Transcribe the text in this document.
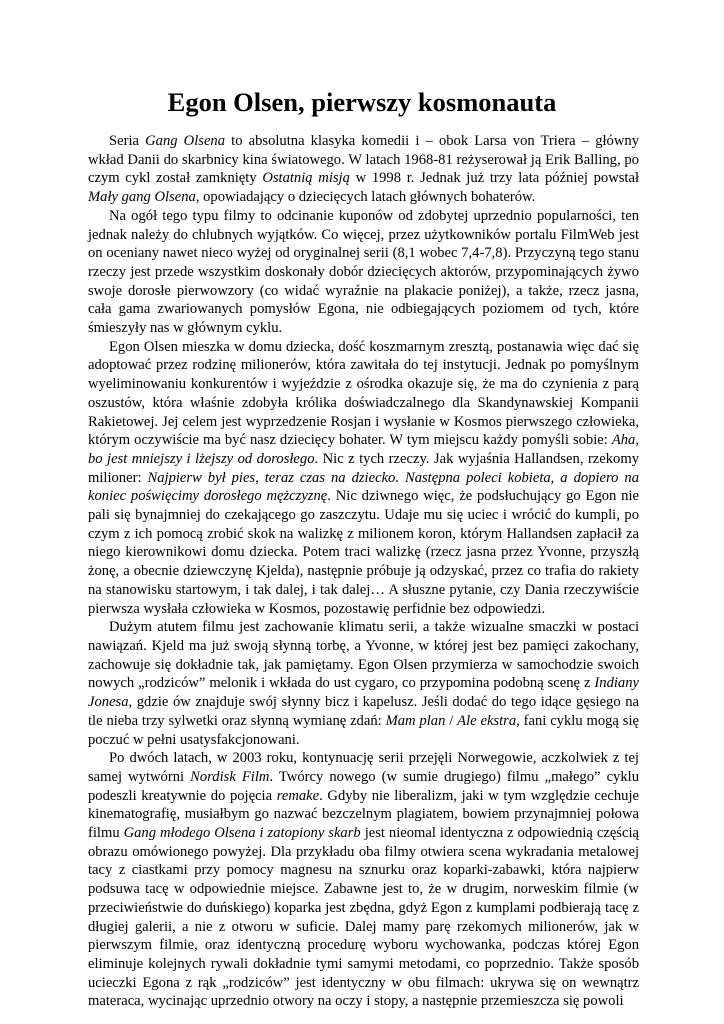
Egon Olsen, pierwszy kosmonauta

Seria Gang Olsena to absolutna klasyka komedii i – obok Larsa von Triera – główny wkład Danii do skarbnicy kina światowego. W latach 1968-81 reżyserował ją Erik Balling, po czym cykl został zamknięty Ostatnią misją w 1998 r. Jednak już trzy lata później powstał Mały gang Olsena, opowiadający o dziecięcych latach głównych bohaterów.

Na ogół tego typu filmy to odcinanie kuponów od zdobytej uprzednio popularności, ten jednak należy do chlubnych wyjątków. Co więcej, przez użytkowników portalu FilmWeb jest on oceniany nawet nieco wyżej od oryginalnej serii (8,1 wobec 7,4-7,8). Przyczyną tego stanu rzeczy jest przede wszystkim doskonały dobór dziecięcych aktorów, przypominających żywo swoje dorosłe pierwowzory (co widać wyraźnie na plakacie poniżej), a także, rzecz jasna, cała gama zwariowanych pomysłów Egona, nie odbiegających poziomem od tych, które śmieszyły nas w głównym cyklu.

Egon Olsen mieszka w domu dziecka, dość koszmarnym zresztą, postanawia więc dać się adoptować przez rodzinę milionerów, która zawitała do tej instytucji. Jednak po pomyślnym wyeliminowaniu konkurentów i wyjeździe z ośrodka okazuje się, że ma do czynienia z parą oszustów, która właśnie zdobyła królika doświadczalnego dla Skandynawskiej Kompanii Rakietowej. Jej celem jest wyprzedzenie Rosjan i wysłanie w Kosmos pierwszego człowieka, którym oczywiście ma być nasz dziecięcy bohater. W tym miejscu każdy pomyśli sobie: Aha, bo jest mniejszy i lżejszy od dorosłego. Nic z tych rzeczy. Jak wyjaśnia Hallandsen, rzekomy milioner: Najpierw był pies, teraz czas na dziecko. Następna poleci kobieta, a dopiero na koniec poświęcimy dorosłego mężczyznę. Nic dziwnego więc, że podsłuchujący go Egon nie pali się bynajmniej do czekającego go zaszczytu. Udaje mu się uciec i wrócić do kumpli, po czym z ich pomocą zrobić skok na walizkę z milionem koron, którym Hallandsen zapłacił za niego kierownikowi domu dziecka. Potem traci walizkę (rzecz jasna przez Yvonne, przyszłą żonę, a obecnie dziewczynę Kjelda), następnie próbuje ją odzyskać, przez co trafia do rakiety na stanowisku startowym, i tak dalej, i tak dalej… A słuszne pytanie, czy Dania rzeczywiście pierwsza wysłała człowieka w Kosmos, pozostawię perfidnie bez odpowiedzi.

Dużym atutem filmu jest zachowanie klimatu serii, a także wizualne smaczki w postaci nawiązań. Kjeld ma już swoją słynną torbę, a Yvonne, w której jest bez pamięci zakochany, zachowuje się dokładnie tak, jak pamiętamy. Egon Olsen przymierza w samochodzie swoich nowych „rodziców” melonik i wkłada do ust cygaro, co przypomina podobną scenę z Indiany Jonesa, gdzie ów znajduje swój słynny bicz i kapelusz. Jeśli dodać do tego idące gęsiego na tle nieba trzy sylwetki oraz słynną wymianę zdań: Mam plan / Ale ekstra, fani cyklu mogą się poczuć w pełni usatysfakcjonowani.

Po dwóch latach, w 2003 roku, kontynuację serii przejęli Norwegowie, aczkolwiek z tej samej wytwórni Nordisk Film. Twórcy nowego (w sumie drugiego) filmu „małego” cyklu podeszli kreatywnie do pojęcia remake. Gdyby nie liberalizm, jaki w tym względzie cechuje kinematografię, musiałbym go nazwać bezczelnym plagiatem, bowiem przynajmniej połowa filmu Gang młodego Olsena i zatopiony skarb jest nieomal identyczna z odpowiednią częścią obrazu omówionego powyżej. Dla przykładu oba filmy otwiera scena wykradania metalowej tacy z ciastkami przy pomocy magnesu na sznurku oraz koparki-zabawki, która najpierw podsuwa tacę w odpowiednie miejsce. Zabawne jest to, że w drugim, norweskim filmie (w przeciwieństwie do duńskiego) koparka jest zbędna, gdyż Egon z kumplami podbierają tacę z długiej galerii, a nie z otworu w suficie. Dalej mamy parę rzekomych milionerów, jak w pierwszym filmie, oraz identyczną procedurę wyboru wychowanka, podczas której Egon eliminuje kolejnych rywali dokładnie tymi samymi metodami, co poprzednio. Także sposób ucieczki Egona z rąk „rodziców” jest identyczny w obu filmach: ukrywa się on wewnątrz materaca, wycinając uprzednio otwory na oczy i stopy, a następnie przemieszcza się powoli
